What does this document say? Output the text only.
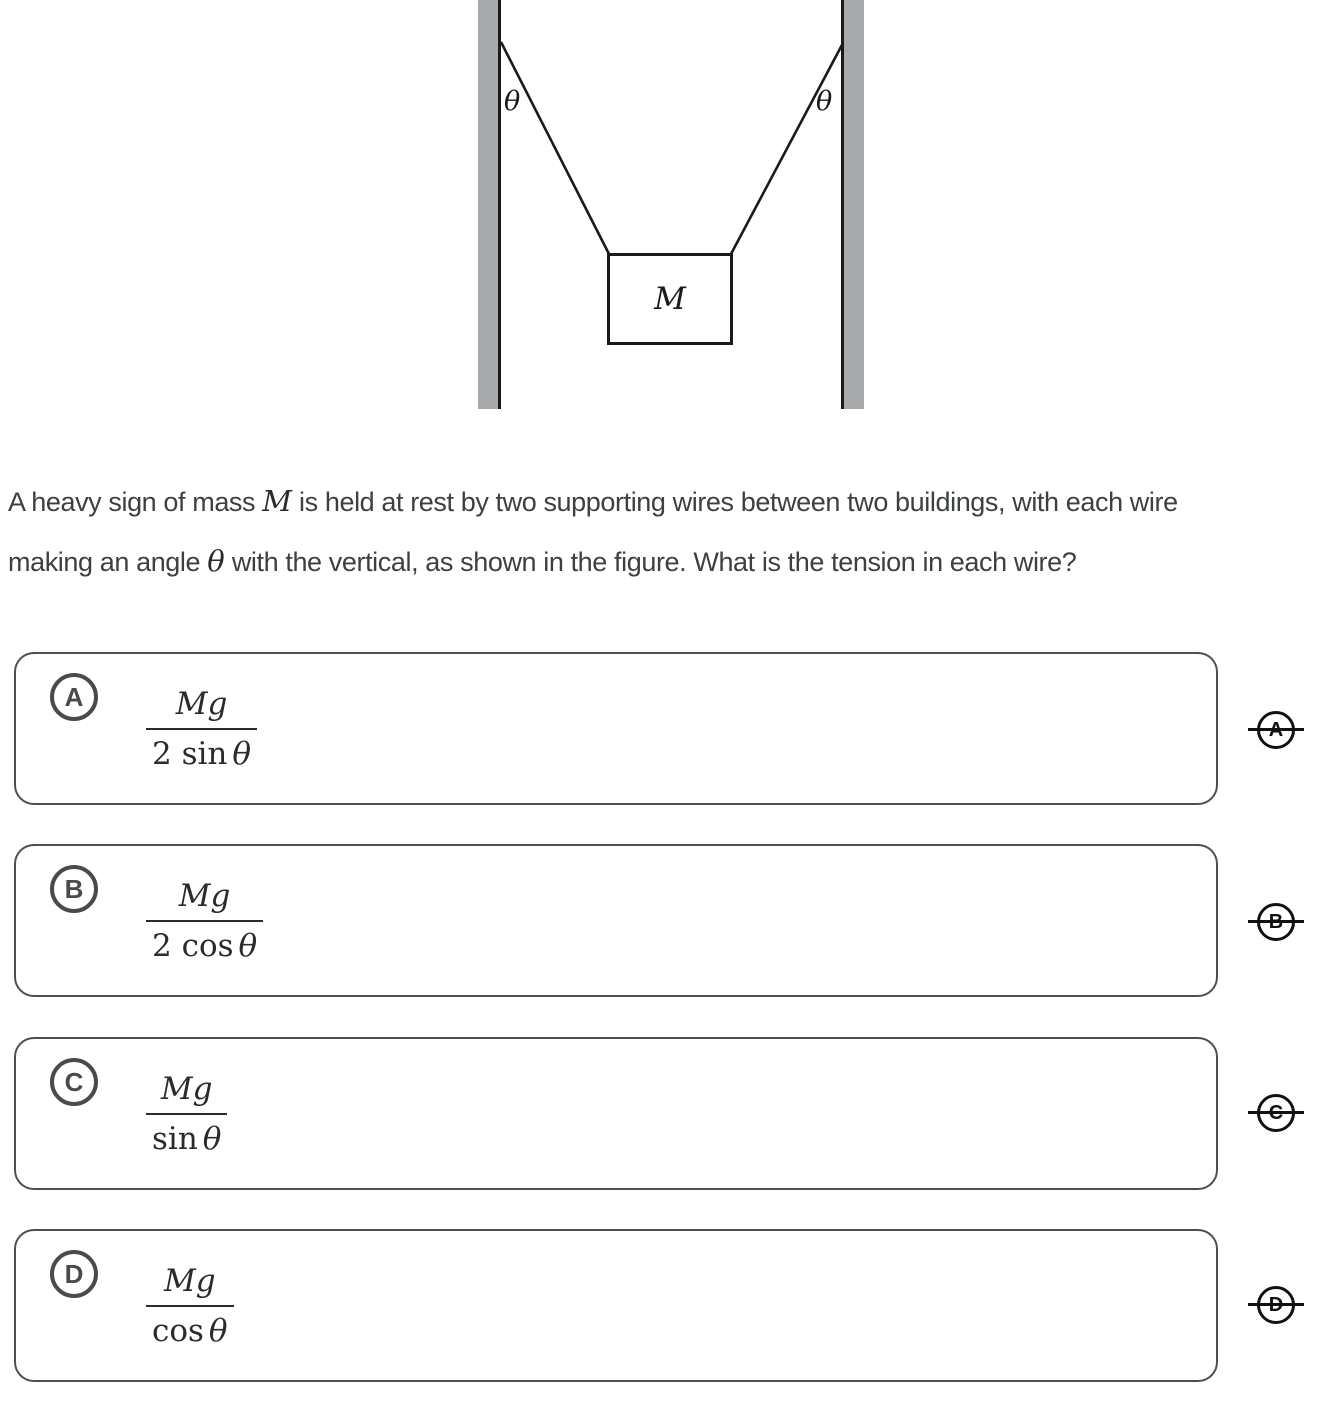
θ	θ
M
A heavy sign of mass M is held at rest by two supporting wires between two buildings, with each wire
making an angle θ with the vertical, as shown in the figure. What is the tension in each wire?
A	$\frac{Mg}{\text{2 sin θ}}$
B	$\frac{Mg}{\text{2 cos θ}}$
C	$\frac{Mg}{\text{sin θ}}$
D	$\frac{Mg}{\text{cos θ}}$
A
B
C
D
